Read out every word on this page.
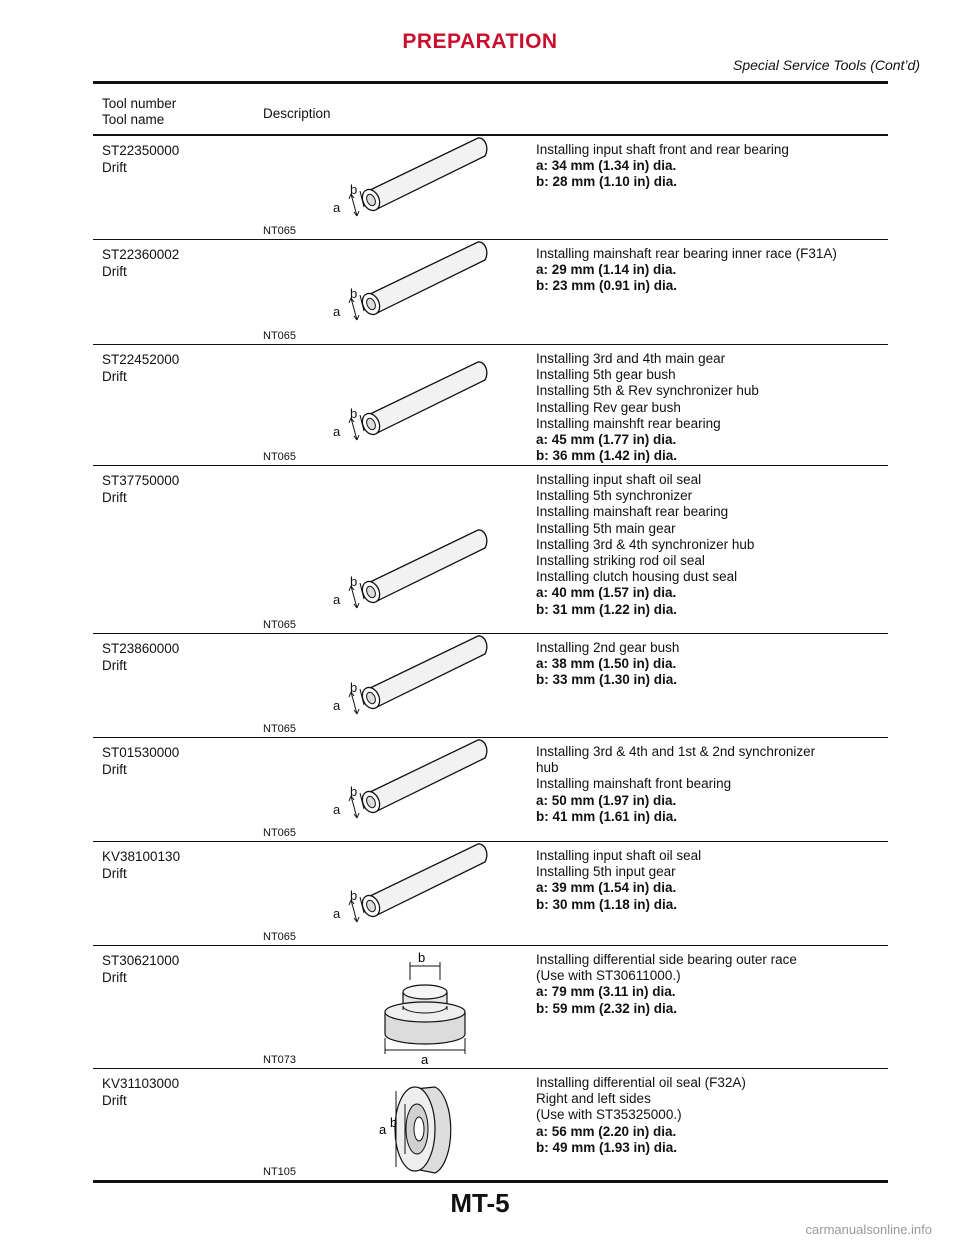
PREPARATION
Special Service Tools (Cont’d)
Tool number
Tool name	Description
ST22350000
Drift
NT065
Installing input shaft front and rear bearing
a: 34 mm (1.34 in) dia.
b: 28 mm (1.10 in) dia.
ST22360002
Drift
NT065
Installing mainshaft rear bearing inner race (F31A)
a: 29 mm (1.14 in) dia.
b: 23 mm (0.91 in) dia.
ST22452000
Drift
NT065
Installing 3rd and 4th main gear
Installing 5th gear bush
Installing 5th & Rev synchronizer hub
Installing Rev gear bush
Installing mainshft rear bearing
a: 45 mm (1.77 in) dia.
b: 36 mm (1.42 in) dia.
ST37750000
Drift
NT065
Installing input shaft oil seal
Installing 5th synchronizer
Installing mainshaft rear bearing
Installing 5th main gear
Installing 3rd & 4th synchronizer hub
Installing striking rod oil seal
Installing clutch housing dust seal
a: 40 mm (1.57 in) dia.
b: 31 mm (1.22 in) dia.
ST23860000
Drift
NT065
Installing 2nd gear bush
a: 38 mm (1.50 in) dia.
b: 33 mm (1.30 in) dia.
ST01530000
Drift
NT065
Installing 3rd & 4th and 1st & 2nd synchronizer
hub
Installing mainshaft front bearing
a: 50 mm (1.97 in) dia.
b: 41 mm (1.61 in) dia.
KV38100130
Drift
NT065
Installing input shaft oil seal
Installing 5th input gear
a: 39 mm (1.54 in) dia.
b: 30 mm (1.18 in) dia.
ST30621000
Drift
b
a
NT073
Installing differential side bearing outer race
(Use with ST30611000.)
a: 79 mm (3.11 in) dia.
b: 59 mm (2.32 in) dia.
KV31103000
Drift
a b
NT105
Installing differential oil seal (F32A)
Right and left sides
(Use with ST35325000.)
a: 56 mm (2.20 in) dia.
b: 49 mm (1.93 in) dia.
MT-5
carmanualsonline.info
